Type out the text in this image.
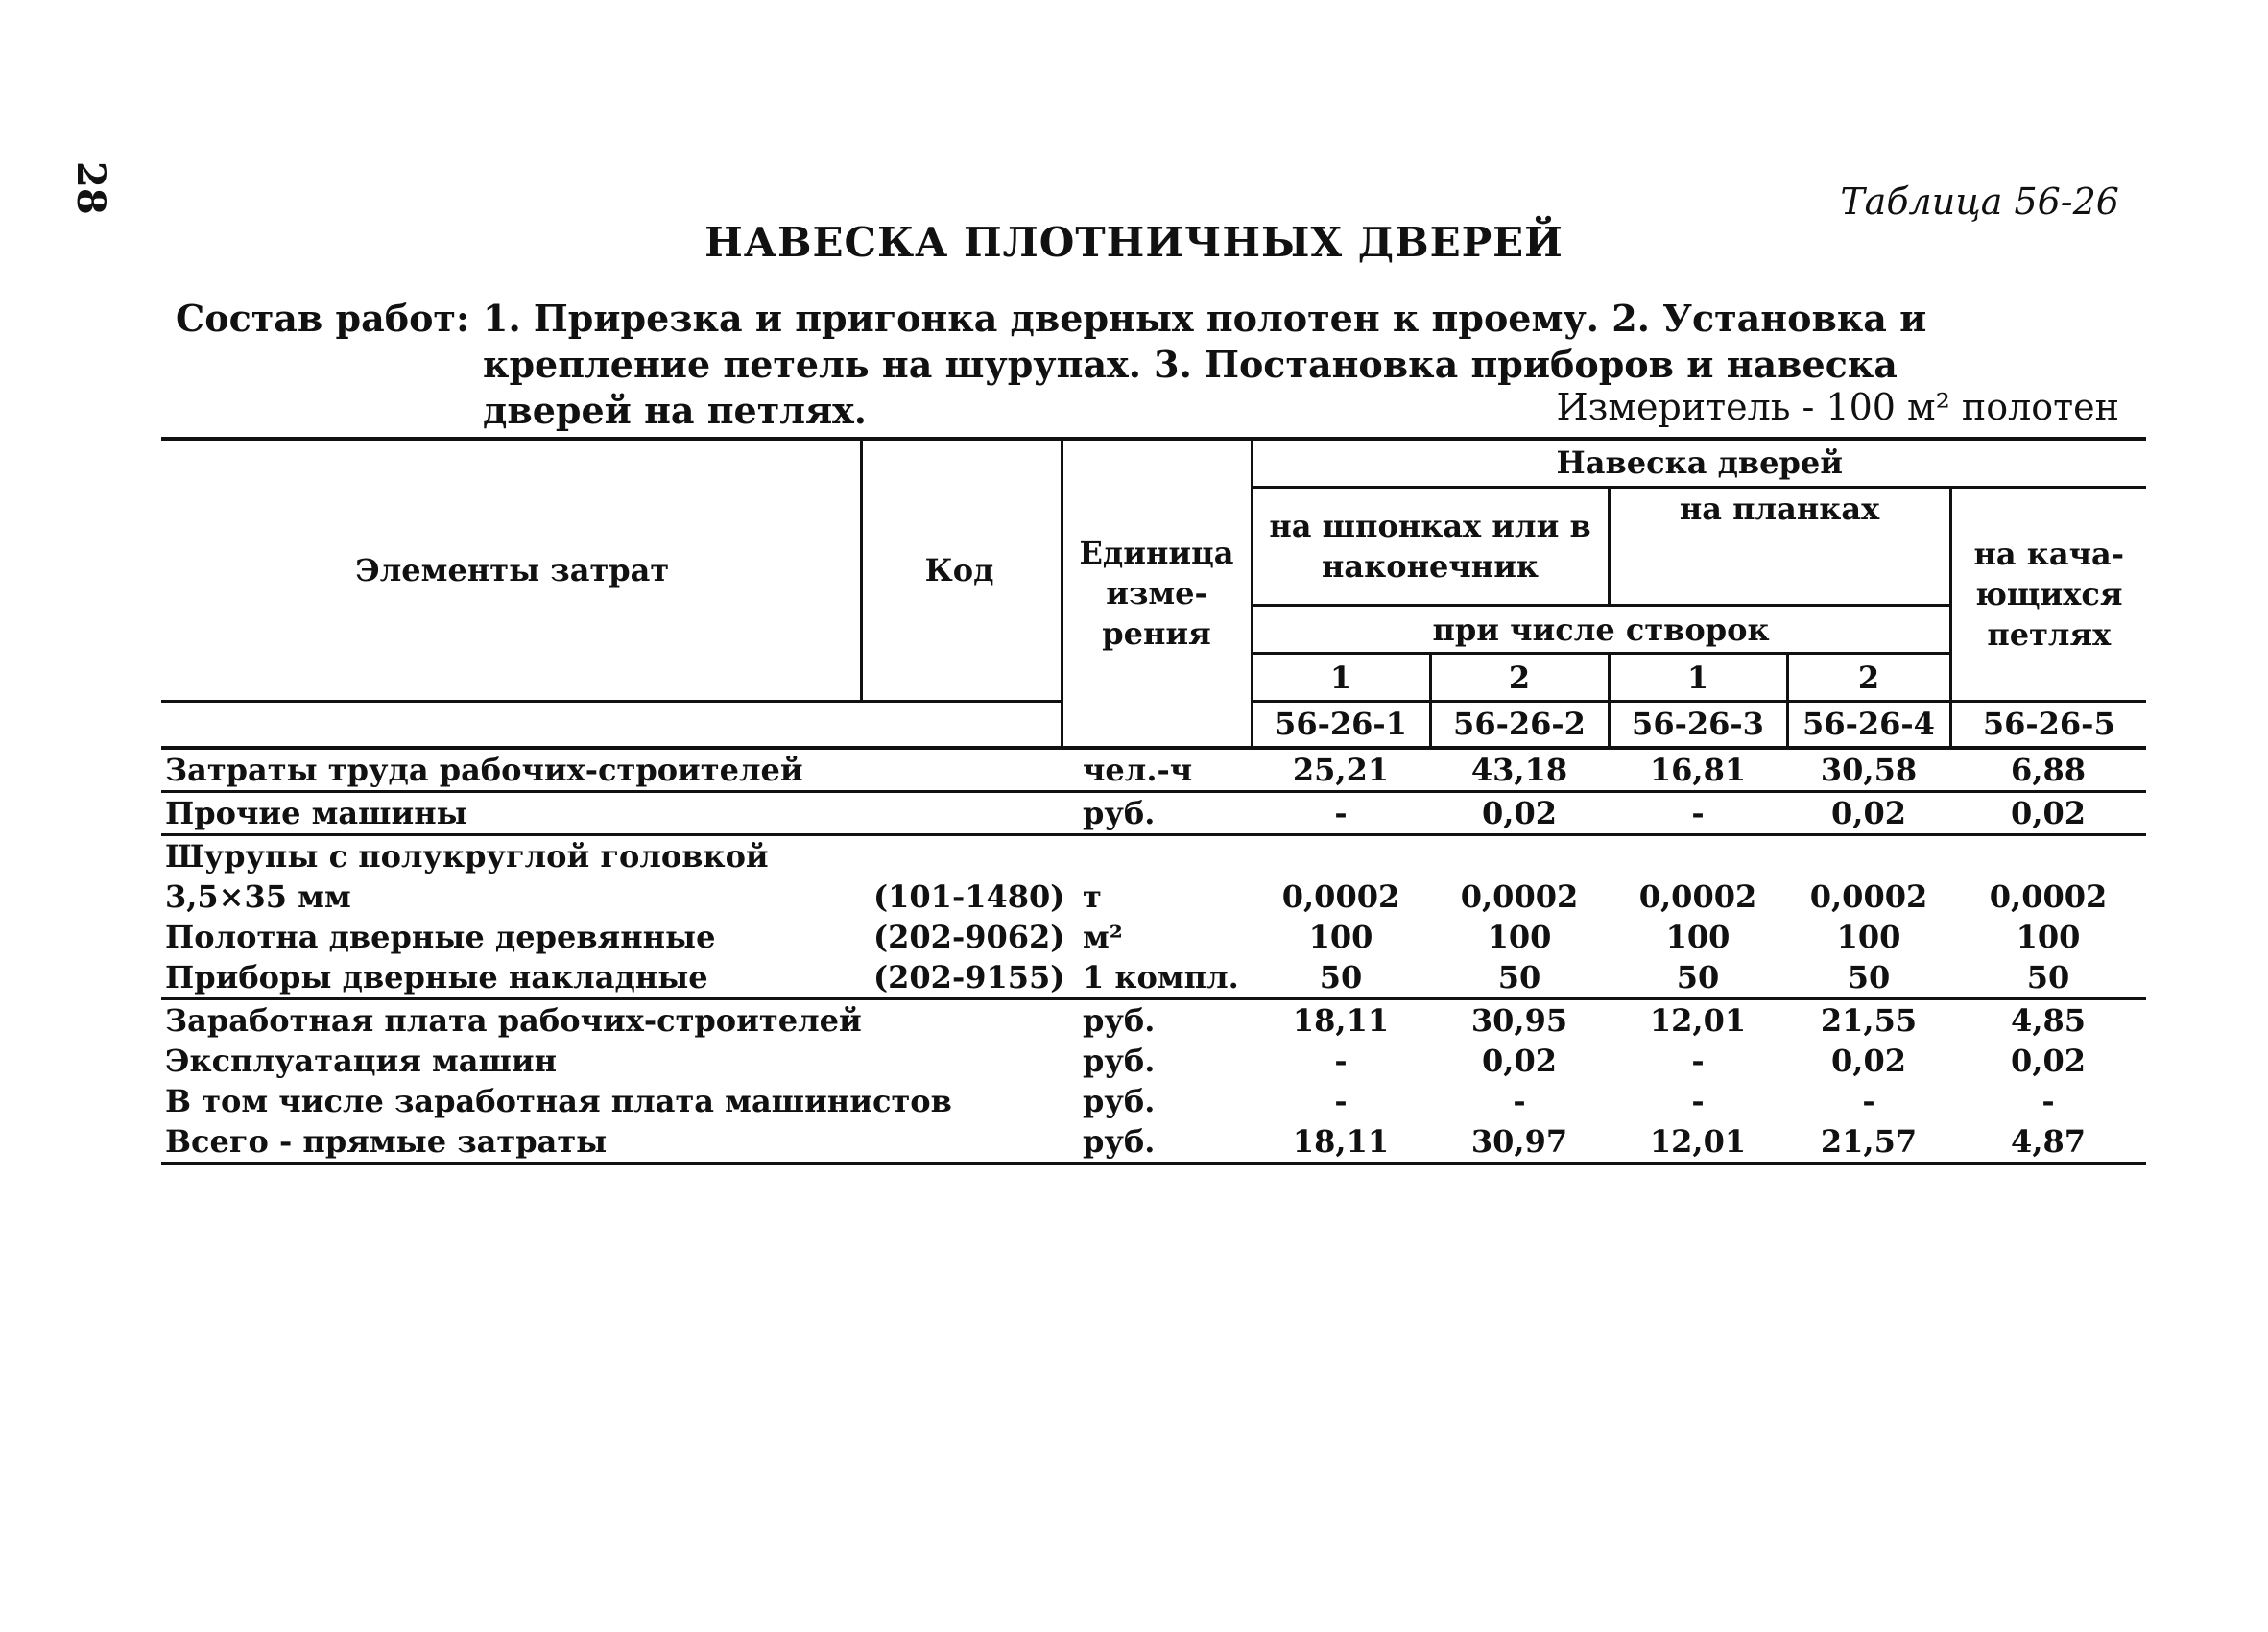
28	Таблица 56-26
НАВЕСКА ПЛОТНИЧНЫХ ДВЕРЕЙ
Состав работ: 1. Прирезка и пригонка дверных полотен к проему. 2. Установка и крепление петель на шурупах. 3. Постановка приборов и навеска дверей на петлях.	Измеритель - 100 м² полотен
Элементы затрат	Код
		Единица изме- рения	Навеска дверей
на шпонках или в наконечник	на планках	на кача- ющихся петлях
при числе створок
1	2	1	2
	56-26-1	56-26-2	56-26-3	56-26-4	56-26-5
Затраты труда рабочих-строителей		чел.-ч	25,21	43,18	16,81	30,58	6,88
Прочие машины		руб.	-	0,02	-	0,02	0,02
Шурупы с полукруглой головкой							
3,5×35 мм	(101-1480)	т	0,0002	0,0002	0,0002	0,0002	0,0002
Полотна дверные деревянные	(202-9062)	м²	100	100	100	100	100
Приборы дверные накладные	(202-9155)	1 компл.	50	50	50	50	50
Заработная плата рабочих-строителей		руб.	18,11	30,95	12,01	21,55	4,85
Эксплуатация машин		руб.	-	0,02	-	0,02	0,02
В том числе заработная плата машинистов		руб.	-	-	-	-	-
Всего - прямые затраты		руб.	18,11	30,97	12,01	21,57	4,87
